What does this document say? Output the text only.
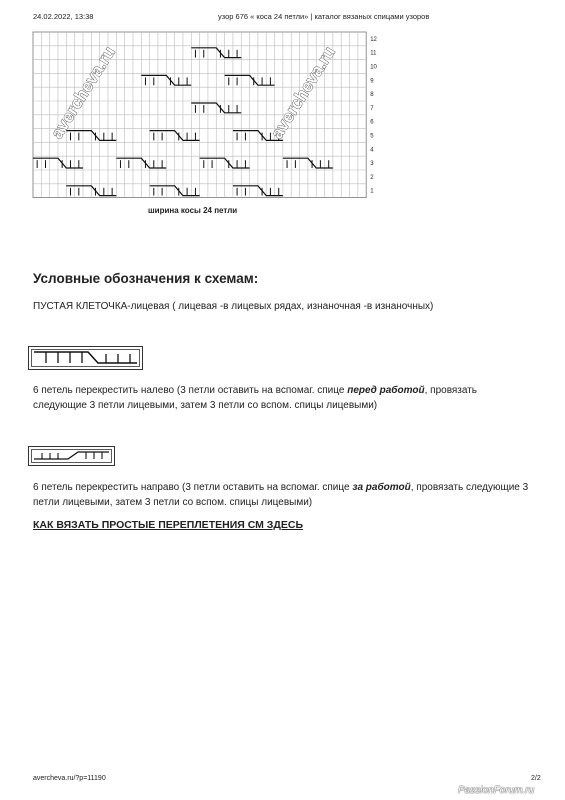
24.02.2022, 13:38	узор 676 « коса 24 петли» | каталог вязаных спицами узоров
avercheva.ru	avercheva.ru
12
11
10
9
8
7
6
5
4
3
2
1
ширина косы 24 петли
Условные обозначения к схемам:
ПУСТАЯ КЛЕТОЧКА-лицевая ( лицевая -в лицевых рядах, изнаночная -в изнаночных)
6 петель перекрестить налево (3 петли оставить на вспомаг. спице перед работой, провязать следующие 3 петли лицевыми, затем 3 петли со вспом. спицы лицевыми)
6 петель перекрестить направо (3 петли оставить на вспомаг. спице за работой, провязать следующие 3 петли лицевыми, затем 3 петли со вспом. спицы лицевыми)
КАК ВЯЗАТЬ ПРОСТЫЕ ПЕРЕПЛЕТЕНИЯ СМ ЗДЕСЬ
avercheva.ru/?p=11190	2/2
PassionForum.ru
